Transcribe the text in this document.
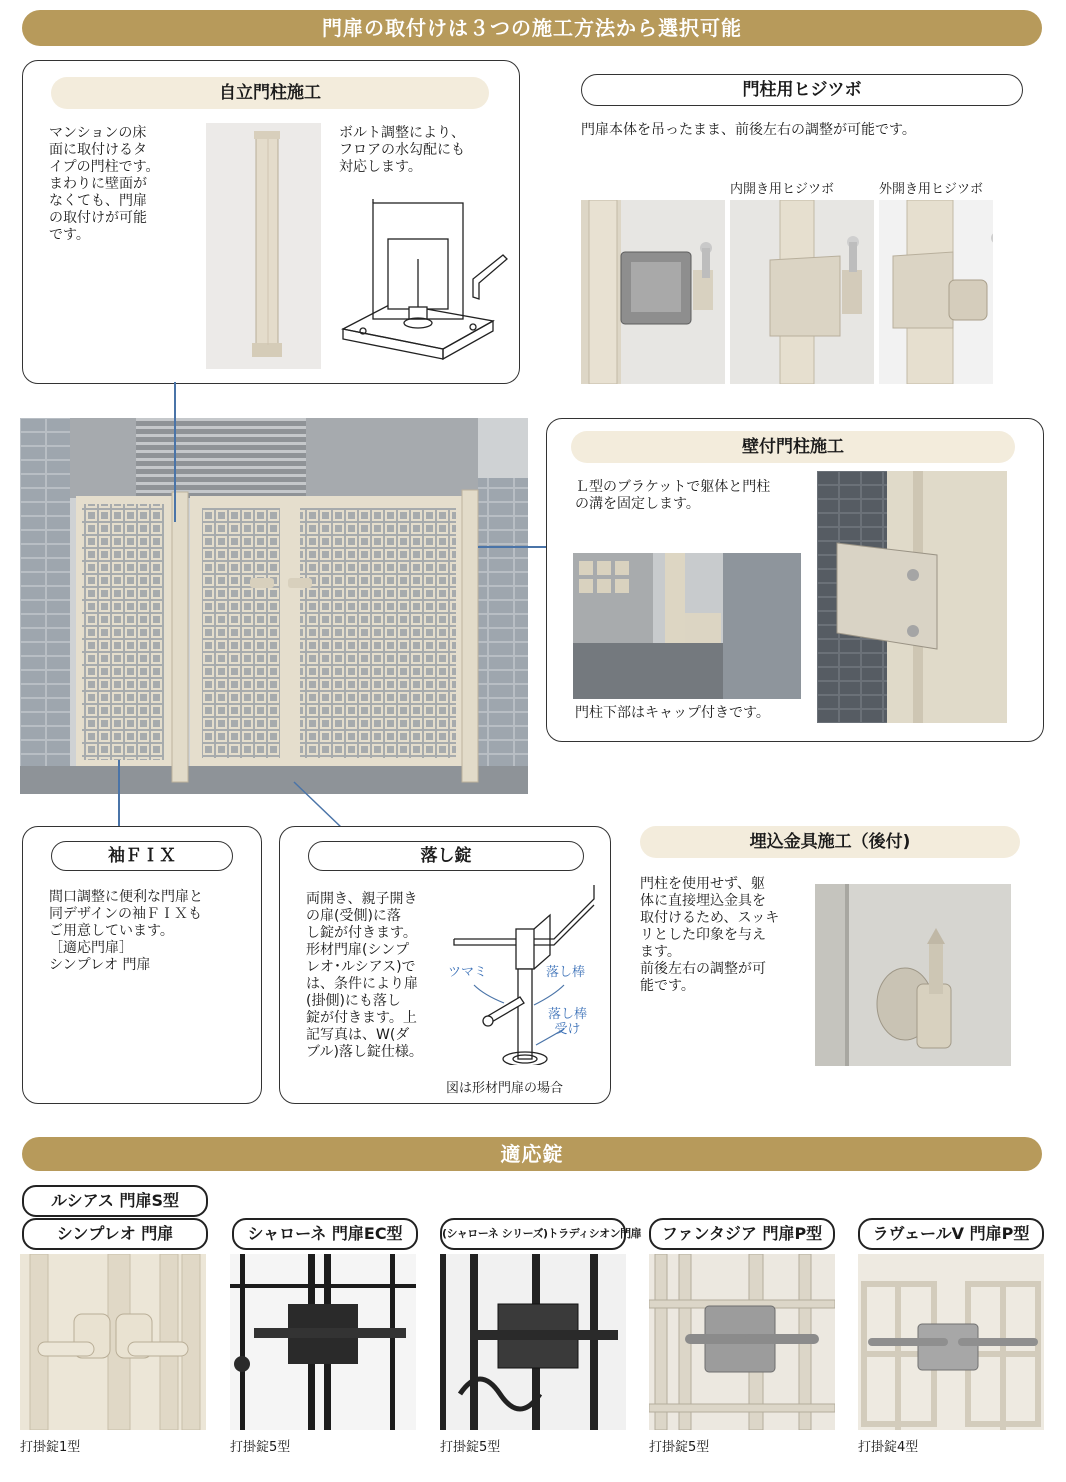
門扉の取付けは３つの施工方法から選択可能
自立門柱施工
マンションの床
面に取付けるタ
イプの門柱です。
まわりに壁面が
なくても、門扉
の取付けが可能
です。
ボルト調整により、
フロアの水勾配にも
対応します。
門柱用ヒジツボ
門扉本体を吊ったまま、前後左右の調整が可能です。
内開き用ヒジツボ	外開き用ヒジツボ
壁付門柱施工
Ｌ型のブラケットで躯体と門柱
の溝を固定します。
門柱下部はキャップ付きです。
袖ＦＩＸ
間口調整に便利な門扉と
同デザインの袖ＦＩＸも
ご用意しています。
［適応門扉］
シンプレオ 門扉
落し錠
両開き、親子開き
の扉(受側)に落
し錠が付きます。
形材門扉(シンプ
レオ･ルシアス)で
は、条件により扉
(掛側)にも落し
錠が付きます。上
記写真は、W(ダ
ブル)落し錠仕様。
ツマミ	落し棒
落し棒
受け
図は形材門扉の場合
埋込金具施工（後付)
門柱を使用せず、躯
体に直接埋込金具を
取付けるため、スッキ
リとした印象を与え
ます。
前後左右の調整が可
能です。
適応錠
ルシアス 門扉S型
シンプレオ 門扉	シャローネ 門扉EC型	(シャローネ シリーズ)トラディシオン門扉	ファンタジア 門扉P型	ラヴェールV 門扉P型
打掛錠1型	打掛錠5型	打掛錠5型	打掛錠5型	打掛錠4型
